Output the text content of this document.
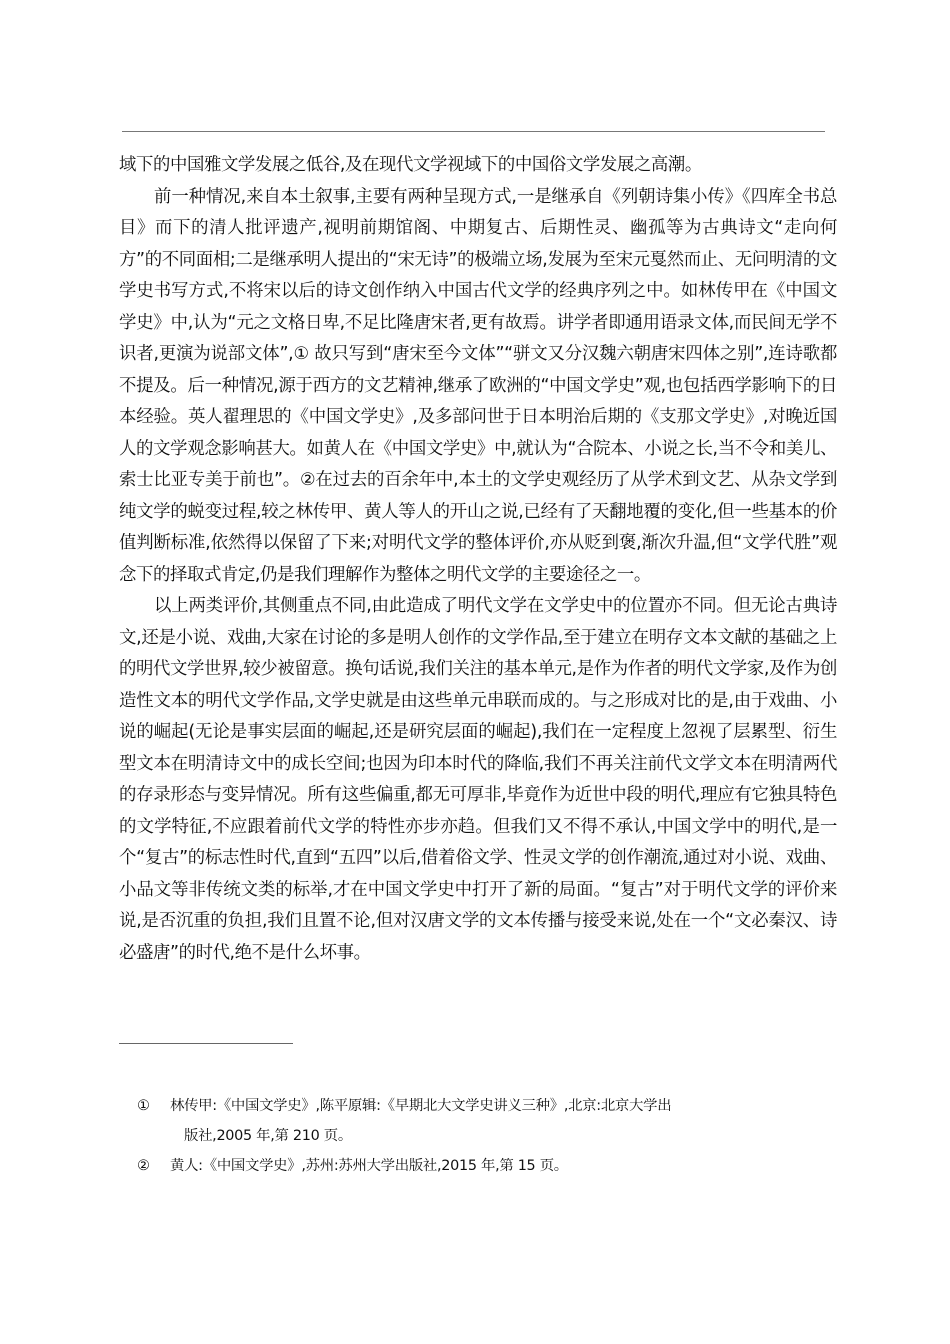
域下的中国雅文学发展之低谷,及在现代文学视域下的中国俗文学发展之高潮。

前一种情况,来自本土叙事,主要有两种呈现方式,一是继承自《列朝诗集小传》《四库全书总目》而下的清人批评遗产,视明前期馆阁、中期复古、后期性灵、幽孤等为古典诗文“走向何方”的不同面相;二是继承明人提出的“宋无诗”的极端立场,发展为至宋元戛然而止、无问明清的文学史书写方式,不将宋以后的诗文创作纳入中国古代文学的经典序列之中。如林传甲在《中国文学史》中,认为“元之文格日卑,不足比隆唐宋者,更有故焉。讲学者即通用语录文体,而民间无学不识者,更演为说部文体”,① 故只写到“唐宋至今文体”“骈文又分汉魏六朝唐宋四体之别”,连诗歌都不提及。后一种情况,源于西方的文艺精神,继承了欧洲的“中国文学史”观,也包括西学影响下的日本经验。英人翟理思的《中国文学史》,及多部问世于日本明治后期的《支那文学史》,对晚近国人的文学观念影响甚大。如黄人在《中国文学史》中,就认为“合院本、小说之长,当不令和美儿、索士比亚专美于前也”。②在过去的百余年中,本土的文学史观经历了从学术到文艺、从杂文学到纯文学的蜕变过程,较之林传甲、黄人等人的开山之说,已经有了天翻地覆的变化,但一些基本的价值判断标准,依然得以保留了下来;对明代文学的整体评价,亦从贬到褒,渐次升温,但“文学代胜”观念下的择取式肯定,仍是我们理解作为整体之明代文学的主要途径之一。

以上两类评价,其侧重点不同,由此造成了明代文学在文学史中的位置亦不同。但无论古典诗文,还是小说、戏曲,大家在讨论的多是明人创作的文学作品,至于建立在明存文本文献的基础之上的明代文学世界,较少被留意。换句话说,我们关注的基本单元,是作为作者的明代文学家,及作为创造性文本的明代文学作品,文学史就是由这些单元串联而成的。与之形成对比的是,由于戏曲、小说的崛起(无论是事实层面的崛起,还是研究层面的崛起),我们在一定程度上忽视了层累型、衍生型文本在明清诗文中的成长空间;也因为印本时代的降临,我们不再关注前代文学文本在明清两代的存录形态与变异情况。所有这些偏重,都无可厚非,毕竟作为近世中段的明代,理应有它独具特色的文学特征,不应跟着前代文学的特性亦步亦趋。但我们又不得不承认,中国文学中的明代,是一个“复古”的标志性时代,直到“五四”以后,借着俗文学、性灵文学的创作潮流,通过对小说、戏曲、小品文等非传统文类的标举,才在中国文学史中打开了新的局面。“复古”对于明代文学的评价来说,是否沉重的负担,我们且置不论,但对汉唐文学的文本传播与接受来说,处在一个“文必秦汉、诗必盛唐”的时代,绝不是什么坏事。

① 林传甲:《中国文学史》,陈平原辑:《早期北大文学史讲义三种》,北京:北京大学出
版社,2005 年,第 210 页。
② 黄人:《中国文学史》,苏州:苏州大学出版社,2015 年,第 15 页。
